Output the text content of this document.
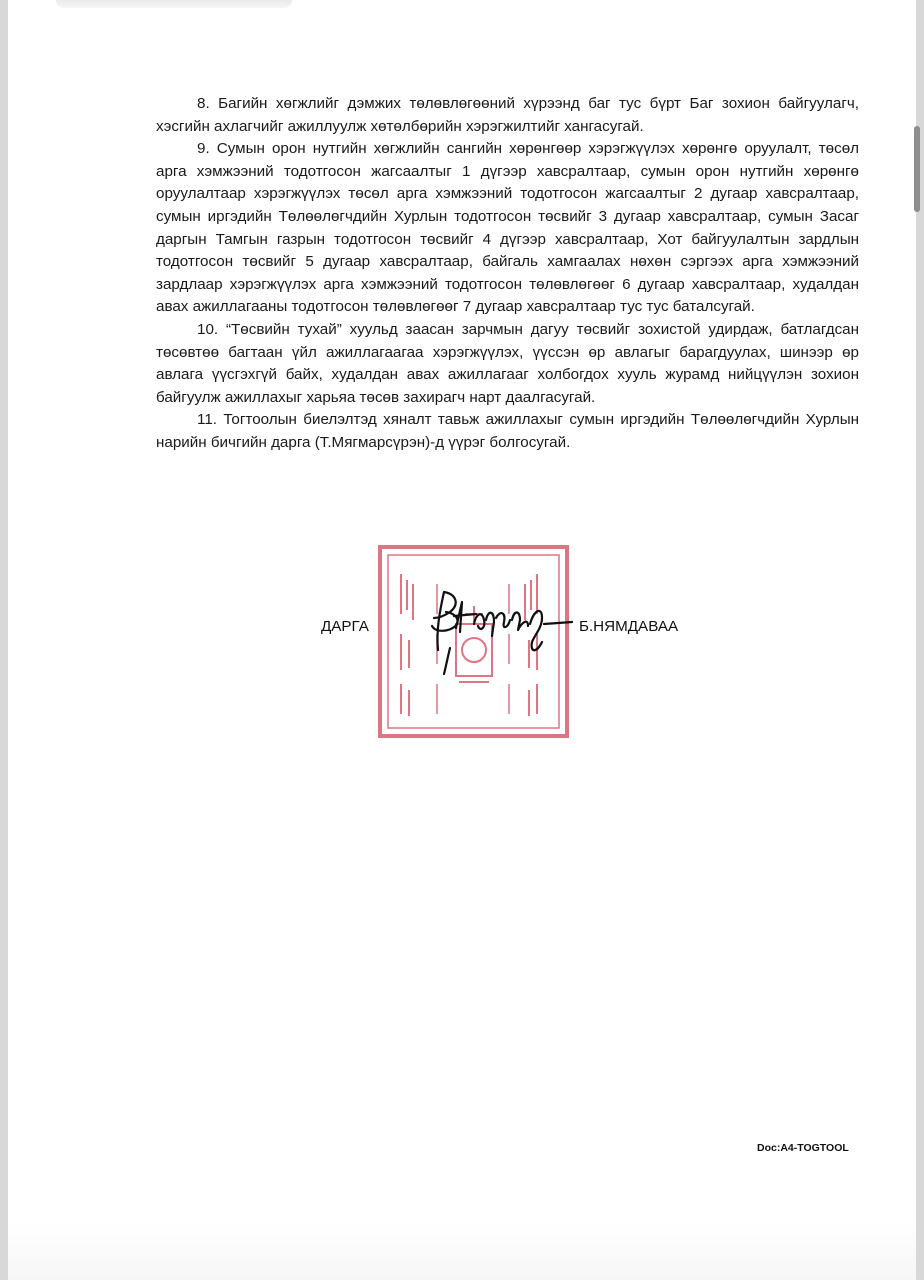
8. Багийн хөгжлийг дэмжих төлөвлөгөөний хүрээнд баг тус бүрт Баг зохион байгуулагч, хэсгийн ахлагчийг ажиллуулж хөтөлбөрийн хэрэгжилтийг хангасугай.

9. Сумын орон нутгийн хөгжлийн сангийн хөрөнгөөр хэрэгжүүлэх хөрөнгө оруулалт, төсөл арга хэмжээний тодотгосон жагсаалтыг 1 дүгээр хавсралтаар, сумын орон нутгийн хөрөнгө оруулалтаар хэрэгжүүлэх төсөл арга хэмжээний тодотгосон жагсаалтыг 2 дугаар хавсралтаар, сумын иргэдийн Төлөөлөгчдийн Хурлын тодотгосон төсвийг 3 дугаар хавсралтаар, сумын Засаг даргын Тамгын газрын тодотгосон төсвийг 4 дүгээр хавсралтаар, Хот байгуулалтын зардлын тодотгосон төсвийг 5 дугаар хавсралтаар, байгаль хамгаалах нөхөн сэргээх арга хэмжээний зардлаар хэрэгжүүлэх арга хэмжээний тодотгосон төлөвлөгөөг 6 дугаар хавсралтаар, худалдан авах ажиллагааны тодотгосон төлөвлөгөөг 7 дугаар хавсралтаар тус тус баталсугай.

10. “Төсвийн тухай” хуульд заасан зарчмын дагуу төсвийг зохистой удирдаж, батлагдсан төсөвтөө багтаан үйл ажиллагаагаа хэрэгжүүлэх, үүссэн өр авлагыг барагдуулах, шинээр өр авлага үүсгэхгүй байх, худалдан авах ажиллагааг холбогдох хууль журамд нийцүүлэн зохион байгуулж ажиллахыг харьяа төсөв захирагч нарт даалгасугай.

11. Тогтоолын биелэлтэд хяналт тавьж ажиллахыг сумын иргэдийн Төлөөлөгчдийн Хурлын нарийн бичгийн дарга (Т.Мягмарсүрэн)-д үүрэг болгосугай.

ДАРГА	Б.НЯМДАВАА
Doc:A4-TOGTOOL
